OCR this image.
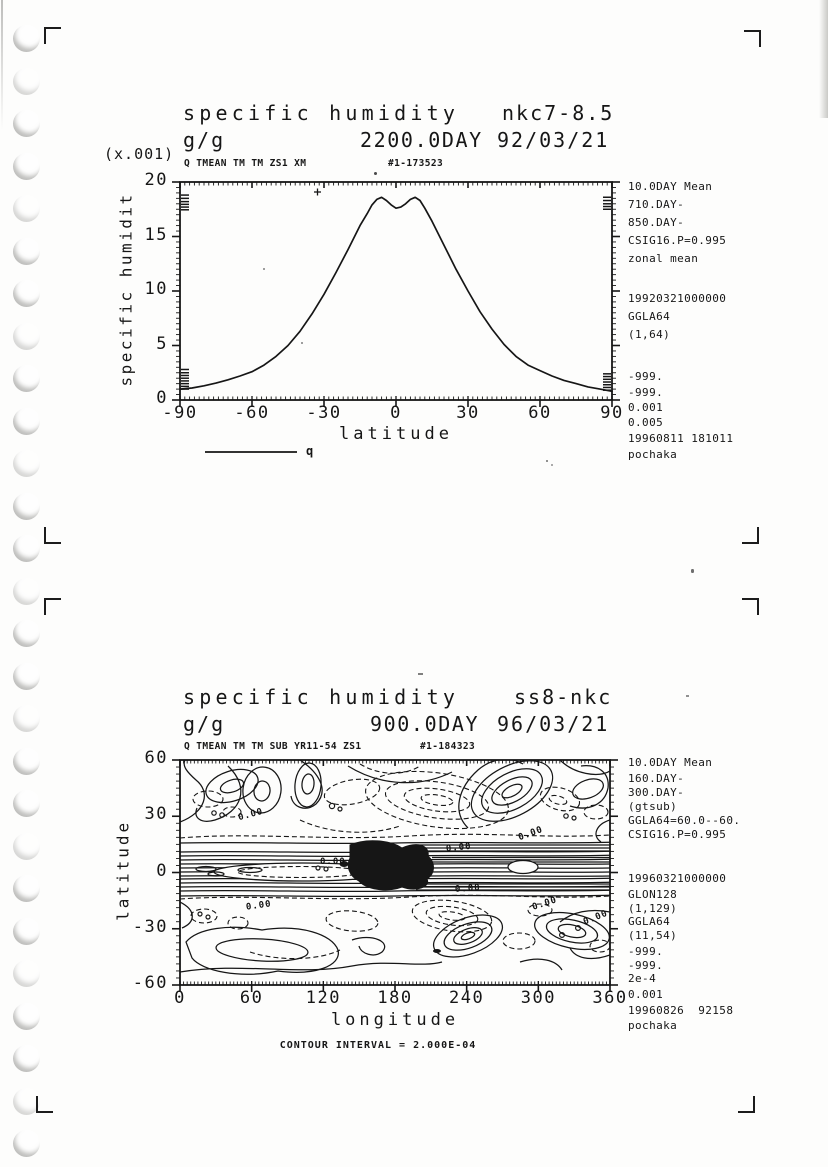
specific humidity nkc7-8.5
g/g	2200.0DAY 92/03/21
Q TMEAN TM TM ZS1 XM	#1-173523
(x.001)
latitude
specific humidit
q
specific humidity	ss8-nkc
g/g	900.0DAY 96/03/21
Q TMEAN TM TM SUB YR11-54 ZS1	#1-184323
longitude
latitude
CONTOUR INTERVAL = 2.000E-04
-90	-60	-30	0	30	60	90
0
5
10
15
20	10.0DAY Mean
710.DAY-
850.DAY-
CSIG16.P=0.995
zonal mean
19920321000000
GGLA64
(1,64)
-999.
-999.
0.001
0.005
19960811 181011
pochaka
0	60	120	180	240	300	360
60
30
0
-30
-60
10.0DAY Mean
160.DAY-
300.DAY-
(gtsub)
GGLA64=60.0--60.
CSIG16.P=0.995
19960321000000
GLON128
(1,129)
GGLA64
(11,54)
-999.
-999.
2e-4
0.001
19960826  92158
pochaka
0.00
0.00
0.00
0.00
0.00
0.00
0.00
0.00
